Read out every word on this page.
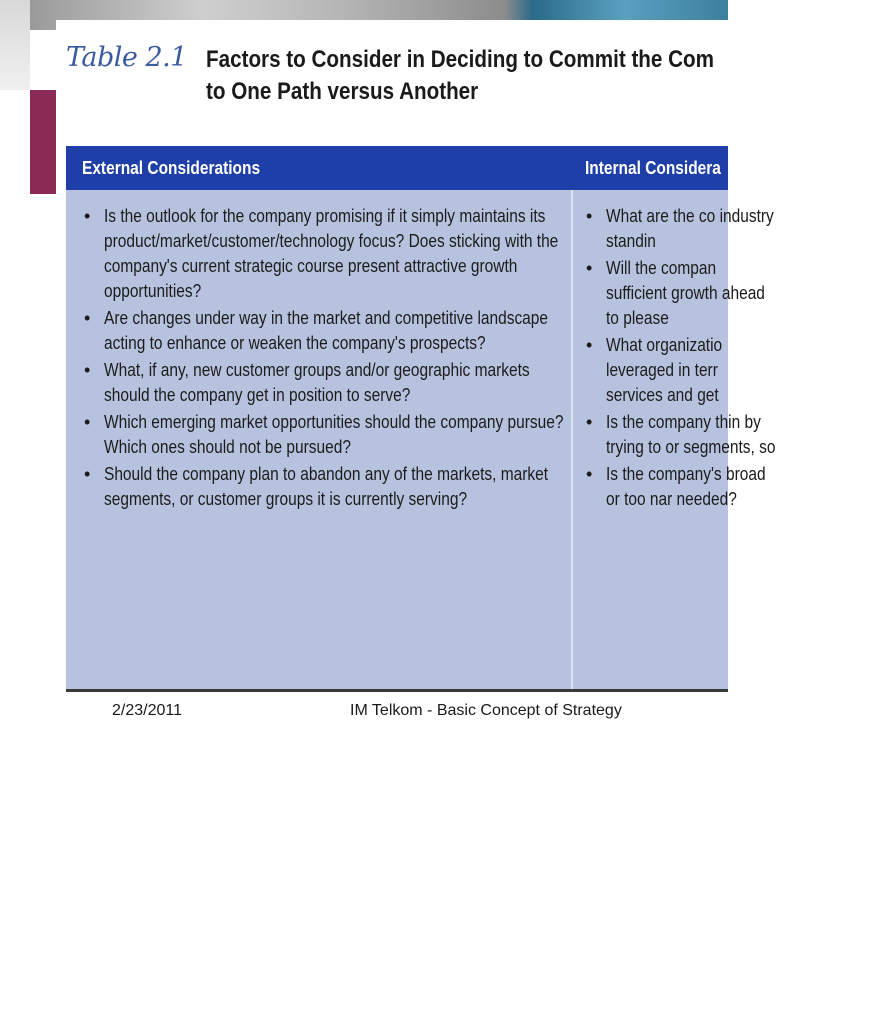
Table 2.1 Factors to Consider in Deciding to Commit the Com
to One Path versus Another
External Considerations	Internal Considera
• Is the outlook for the company promising if it simply maintains its product/market/customer/technology focus? Does sticking with the company's current strategic course present attractive growth opportunities?
• Are changes under way in the market and competitive landscape acting to enhance or weaken the company's prospects?
• What, if any, new customer groups and/or geographic markets should the company get in position to serve?
• Which emerging market opportunities should the company pursue? Which ones should not be pursued?
• Should the company plan to abandon any of the markets, market segments, or customer groups it is currently serving?
• What are the co industry standin
• Will the compan sufficient growth ahead to please
• What organizatio leveraged in terr services and get
• Is the company thin by trying to or segments, so
• Is the company's broad or too nar needed?
2/23/2011	IM Telkom - Basic Concept of Strategy
